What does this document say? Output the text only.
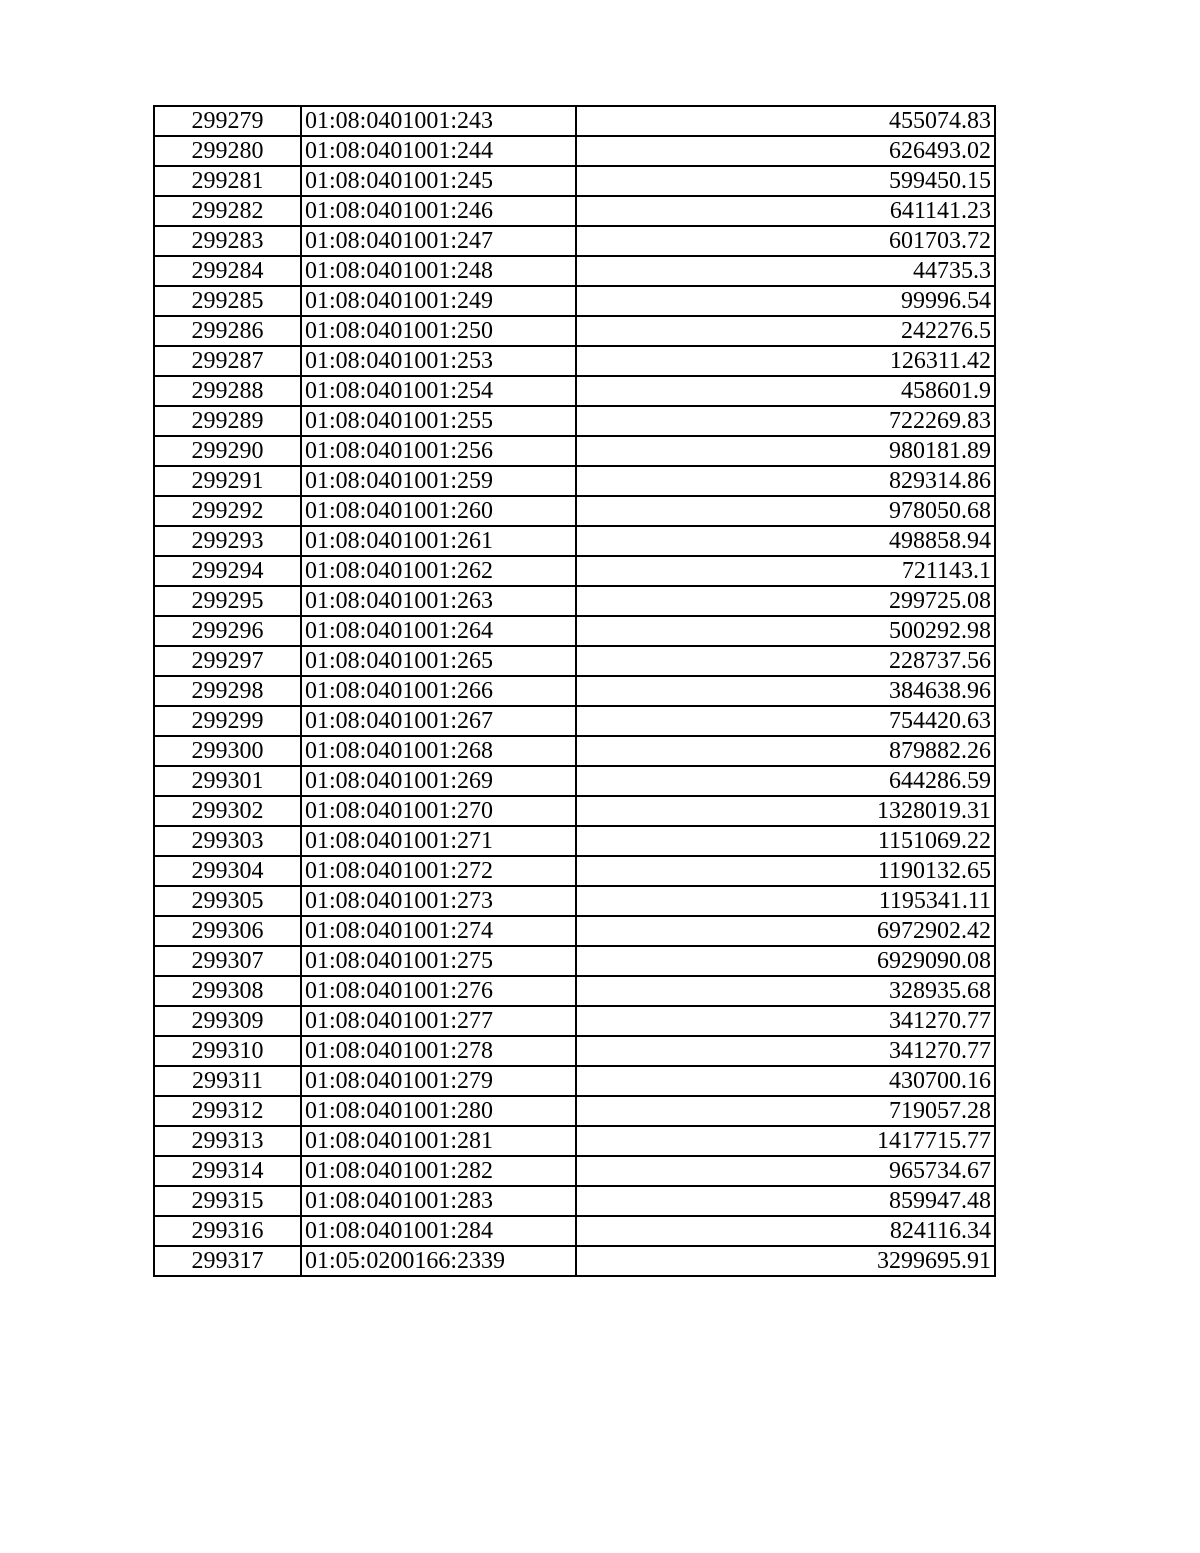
299279	01:08:0401001:243	455074.83
299280	01:08:0401001:244	626493.02
299281	01:08:0401001:245	599450.15
299282	01:08:0401001:246	641141.23
299283	01:08:0401001:247	601703.72
299284	01:08:0401001:248	44735.3
299285	01:08:0401001:249	99996.54
299286	01:08:0401001:250	242276.5
299287	01:08:0401001:253	126311.42
299288	01:08:0401001:254	458601.9
299289	01:08:0401001:255	722269.83
299290	01:08:0401001:256	980181.89
299291	01:08:0401001:259	829314.86
299292	01:08:0401001:260	978050.68
299293	01:08:0401001:261	498858.94
299294	01:08:0401001:262	721143.1
299295	01:08:0401001:263	299725.08
299296	01:08:0401001:264	500292.98
299297	01:08:0401001:265	228737.56
299298	01:08:0401001:266	384638.96
299299	01:08:0401001:267	754420.63
299300	01:08:0401001:268	879882.26
299301	01:08:0401001:269	644286.59
299302	01:08:0401001:270	1328019.31
299303	01:08:0401001:271	1151069.22
299304	01:08:0401001:272	1190132.65
299305	01:08:0401001:273	1195341.11
299306	01:08:0401001:274	6972902.42
299307	01:08:0401001:275	6929090.08
299308	01:08:0401001:276	328935.68
299309	01:08:0401001:277	341270.77
299310	01:08:0401001:278	341270.77
299311	01:08:0401001:279	430700.16
299312	01:08:0401001:280	719057.28
299313	01:08:0401001:281	1417715.77
299314	01:08:0401001:282	965734.67
299315	01:08:0401001:283	859947.48
299316	01:08:0401001:284	824116.34
299317	01:05:0200166:2339	3299695.91
